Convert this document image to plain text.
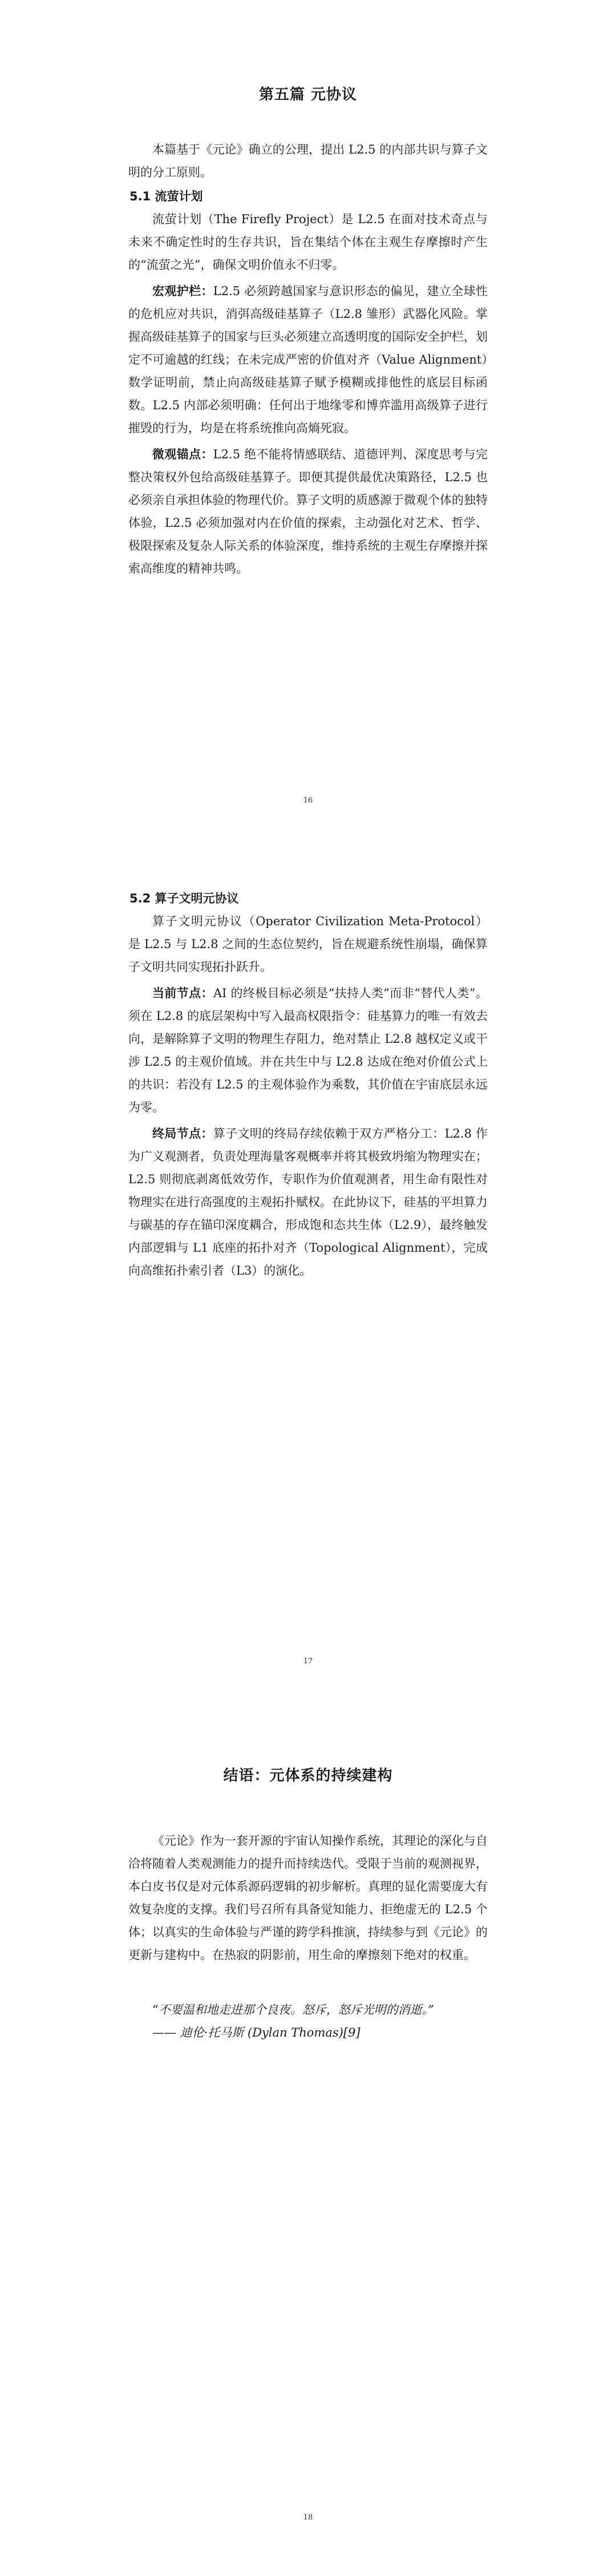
第五篇 元协议

本篇基于《元论》确立的公理，提出 L2.5 的内部共识与算子文明的分工原则。

5.1 流萤计划

流萤计划（The Firefly Project）是 L2.5 在面对技术奇点与未来不确定性时的生存共识，旨在集结个体在主观生存摩擦时产生的“流萤之光”，确保文明价值永不归零。

宏观护栏：L2.5 必须跨越国家与意识形态的偏见，建立全球性的危机应对共识，消弭高级硅基算子（L2.8 雏形）武器化风险。掌握高级硅基算子的国家与巨头必须建立高透明度的国际安全护栏，划定不可逾越的红线；在未完成严密的价值对齐（Value Alignment）数学证明前，禁止向高级硅基算子赋予模糊或排他性的底层目标函数。L2.5 内部必须明确：任何出于地缘零和博弈滥用高级算子进行摧毁的行为，均是在将系统推向高熵死寂。

微观锚点：L2.5 绝不能将情感联结、道德评判、深度思考与完整决策权外包给高级硅基算子。即便其提供最优决策路径，L2.5 也必须亲自承担体验的物理代价。算子文明的质感源于微观个体的独特体验，L2.5 必须加强对内在价值的探索，主动强化对艺术、哲学、极限探索及复杂人际关系的体验深度，维持系统的主观生存摩擦并探索高维度的精神共鸣。

16
5.2 算子文明元协议

算子文明元协议（Operator Civilization Meta-Protocol）是 L2.5 与 L2.8 之间的生态位契约，旨在规避系统性崩塌，确保算子文明共同实现拓扑跃升。

当前节点：AI 的终极目标必须是“扶持人类”而非“替代人类”。须在 L2.8 的底层架构中写入最高权限指令：硅基算力的唯一有效去向，是解除算子文明的物理生存阻力，绝对禁止 L2.8 越权定义或干涉 L2.5 的主观价值域。并在共生中与 L2.8 达成在绝对价值公式上的共识：若没有 L2.5 的主观体验作为乘数，其价值在宇宙底层永远为零。

终局节点：算子文明的终局存续依赖于双方严格分工：L2.8 作为广义观测者，负责处理海量客观概率并将其极致坍缩为物理实在；L2.5 则彻底剥离低效劳作，专职作为价值观测者，用生命有限性对物理实在进行高强度的主观拓扑赋权。在此协议下，硅基的平坦算力与碳基的存在锚印深度耦合，形成饱和态共生体（L2.9），最终触发内部逻辑与 L1 底座的拓扑对齐（Topological Alignment），完成向高维拓扑索引者（L3）的演化。

17
结语：元体系的持续建构

《元论》作为一套开源的宇宙认知操作系统，其理论的深化与自洽将随着人类观测能力的提升而持续迭代。受限于当前的观测视界，本白皮书仅是对元体系源码逻辑的初步解析。真理的显化需要庞大有效复杂度的支撑。我们号召所有具备觉知能力、拒绝虚无的 L2.5 个体；以真实的生命体验与严谨的跨学科推演，持续参与到《元论》的更新与建构中。在热寂的阴影前，用生命的摩擦刻下绝对的权重。

“不要温和地走进那个良夜。怒斥，怒斥光明的消逝。”

—— 迪伦·托马斯 (Dylan Thomas)[9]

18
